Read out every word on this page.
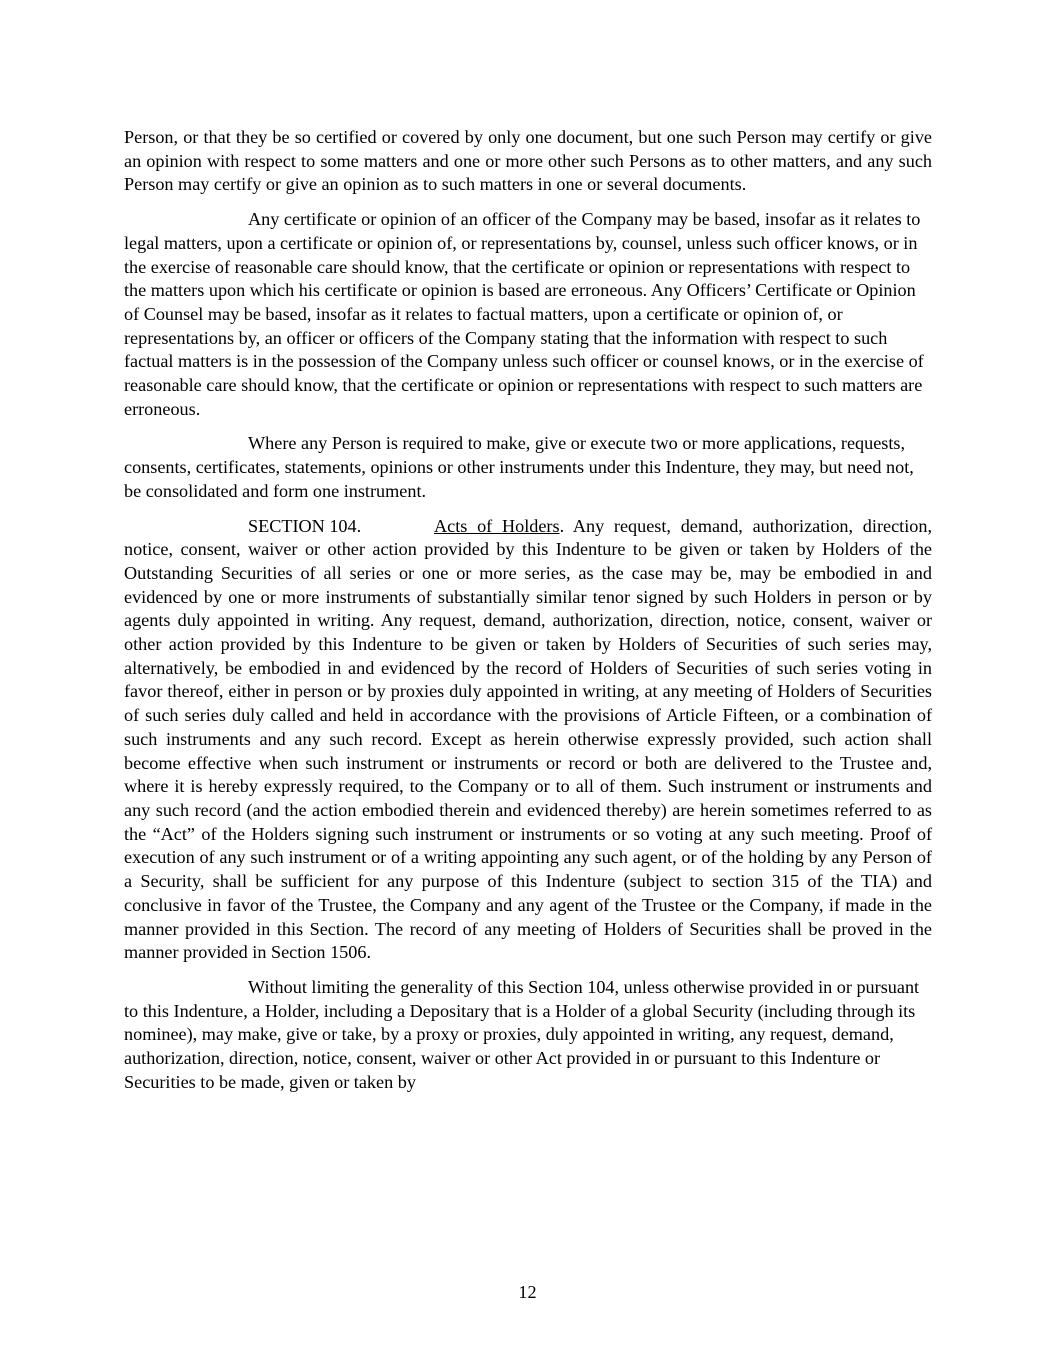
Person, or that they be so certified or covered by only one document, but one such Person may certify or give an opinion with respect to some matters and one or more other such Persons as to other matters, and any such Person may certify or give an opinion as to such matters in one or several documents.

Any certificate or opinion of an officer of the Company may be based, insofar as it relates to legal matters, upon a certificate or opinion of, or representations by, counsel, unless such officer knows, or in the exercise of reasonable care should know, that the certificate or opinion or representations with respect to the matters upon which his certificate or opinion is based are erroneous. Any Officers’ Certificate or Opinion of Counsel may be based, insofar as it relates to factual matters, upon a certificate or opinion of, or representations by, an officer or officers of the Company stating that the information with respect to such factual matters is in the possession of the Company unless such officer or counsel knows, or in the exercise of reasonable care should know, that the certificate or opinion or representations with respect to such matters are erroneous.

Where any Person is required to make, give or execute two or more applications, requests, consents, certificates, statements, opinions or other instruments under this Indenture, they may, but need not, be consolidated and form one instrument.

SECTION 104.	Acts of Holders. Any request, demand, authorization, direction, notice, consent, waiver or other action provided by this Indenture to be given or taken by Holders of the Outstanding Securities of all series or one or more series, as the case may be, may be embodied in and evidenced by one or more instruments of substantially similar tenor signed by such Holders in person or by agents duly appointed in writing. Any request, demand, authorization, direction, notice, consent, waiver or other action provided by this Indenture to be given or taken by Holders of Securities of such series may, alternatively, be embodied in and evidenced by the record of Holders of Securities of such series voting in favor thereof, either in person or by proxies duly appointed in writing, at any meeting of Holders of Securities of such series duly called and held in accordance with the provisions of Article Fifteen, or a combination of such instruments and any such record. Except as herein otherwise expressly provided, such action shall become effective when such instrument or instruments or record or both are delivered to the Trustee and, where it is hereby expressly required, to the Company or to all of them. Such instrument or instruments and any such record (and the action embodied therein and evidenced thereby) are herein sometimes referred to as the “Act” of the Holders signing such instrument or instruments or so voting at any such meeting. Proof of execution of any such instrument or of a writing appointing any such agent, or of the holding by any Person of a Security, shall be sufficient for any purpose of this Indenture (subject to section 315 of the TIA) and conclusive in favor of the Trustee, the Company and any agent of the Trustee or the Company, if made in the manner provided in this Section. The record of any meeting of Holders of Securities shall be proved in the manner provided in Section 1506.

Without limiting the generality of this Section 104, unless otherwise provided in or pursuant to this Indenture, a Holder, including a Depositary that is a Holder of a global Security (including through its nominee), may make, give or take, by a proxy or proxies, duly appointed in writing, any request, demand, authorization, direction, notice, consent, waiver or other Act provided in or pursuant to this Indenture or Securities to be made, given or taken by

12
